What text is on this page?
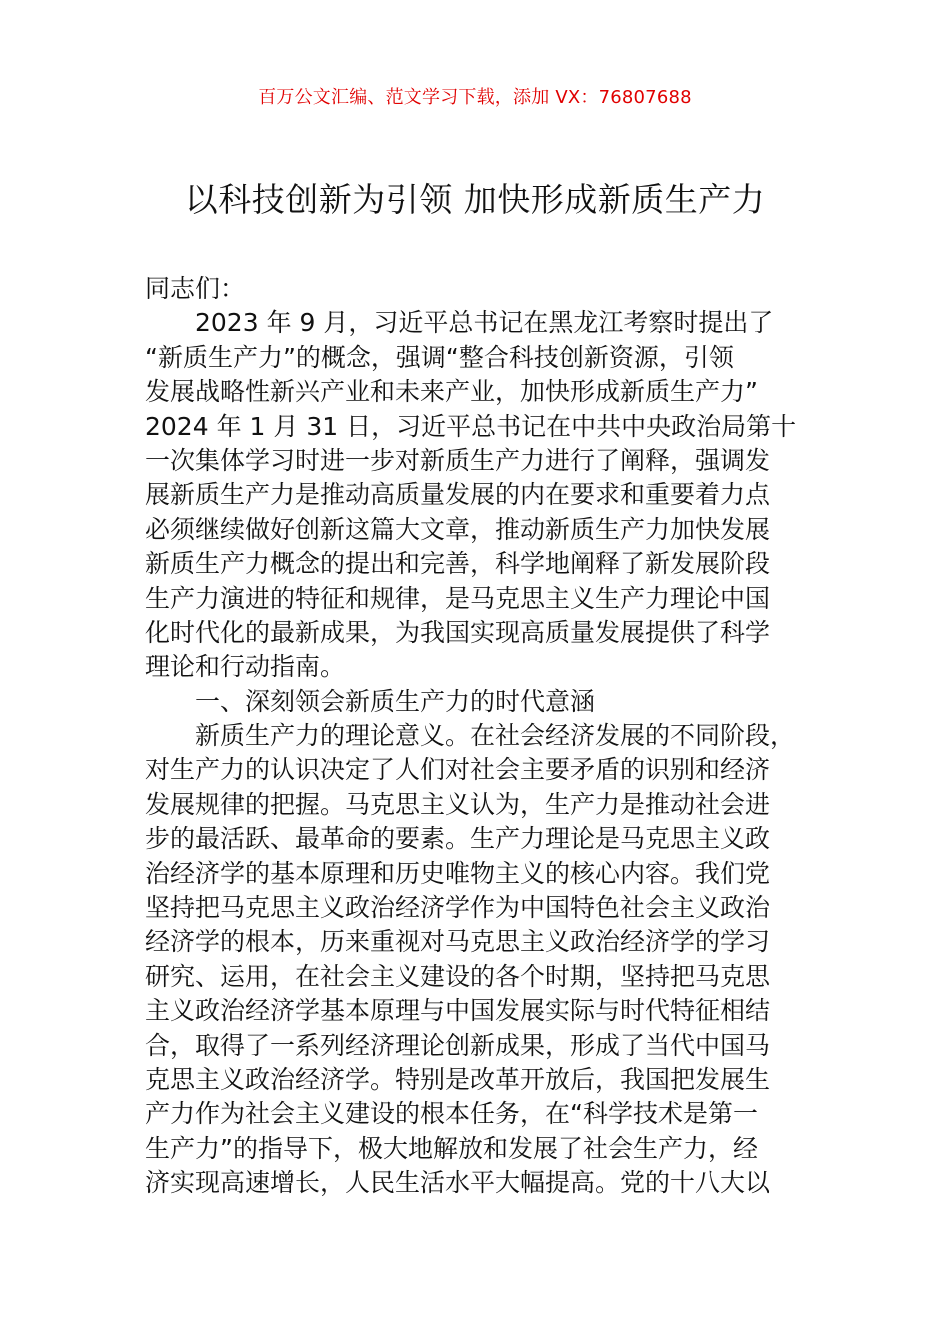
百万公文汇编、范文学习下载，添加 VX：76807688
以科技创新为引领 加快形成新质生产力
同志们：
2023 年 9 月，习近平总书记在黑龙江考察时提出了
“新质生产力”的概念，强调“整合科技创新资源，引领
发展战略性新兴产业和未来产业，加快形成新质生产力”
2024 年 1 月 31 日，习近平总书记在中共中央政治局第十
一次集体学习时进一步对新质生产力进行了阐释，强调发
展新质生产力是推动高质量发展的内在要求和重要着力点
必须继续做好创新这篇大文章，推动新质生产力加快发展
新质生产力概念的提出和完善，科学地阐释了新发展阶段
生产力演进的特征和规律，是马克思主义生产力理论中国
化时代化的最新成果，为我国实现高质量发展提供了科学
理论和行动指南。
一、深刻领会新质生产力的时代意涵
新质生产力的理论意义。在社会经济发展的不同阶段，
对生产力的认识决定了人们对社会主要矛盾的识别和经济
发展规律的把握。马克思主义认为，生产力是推动社会进
步的最活跃、最革命的要素。生产力理论是马克思主义政
治经济学的基本原理和历史唯物主义的核心内容。我们党
坚持把马克思主义政治经济学作为中国特色社会主义政治
经济学的根本，历来重视对马克思主义政治经济学的学习
研究、运用，在社会主义建设的各个时期，坚持把马克思
主义政治经济学基本原理与中国发展实际与时代特征相结
合，取得了一系列经济理论创新成果，形成了当代中国马
克思主义政治经济学。特别是改革开放后，我国把发展生
产力作为社会主义建设的根本任务，在“科学技术是第一
生产力”的指导下，极大地解放和发展了社会生产力，经
济实现高速增长，人民生活水平大幅提高。党的十八大以
